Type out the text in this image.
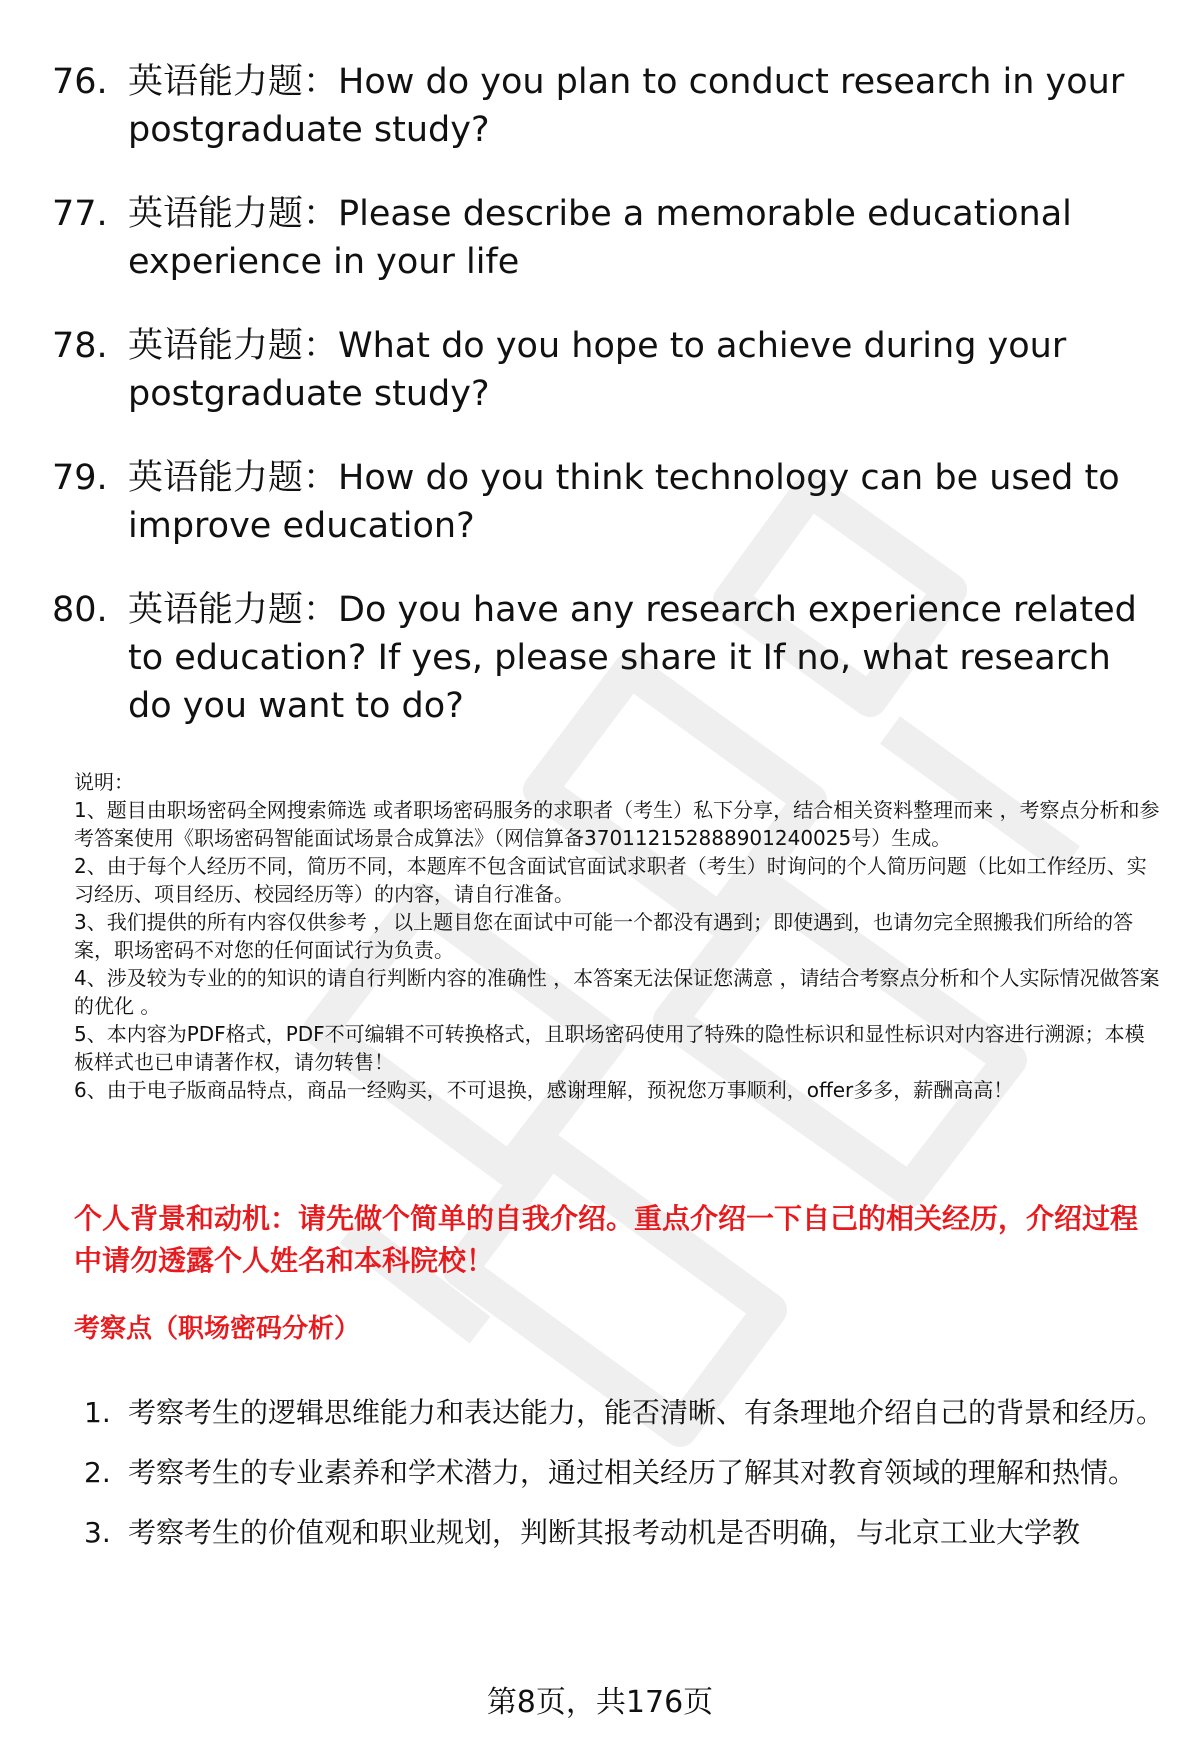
76. 英语能力题：How do you plan to conduct research in your postgraduate study?
77. 英语能力题：Please describe a memorable educational experience in your life
78. 英语能力题：What do you hope to achieve during your postgraduate study?
79. 英语能力题：How do you think technology can be used to improve education?
80. 英语能力题：Do you have any research experience related to education? If yes, please share it If no, what research do you want to do?

说明：

1、题目由职场密码全网搜索筛选 或者职场密码服务的求职者（考生）私下分享，结合相关资料整理而来 ，考察点分析和参考答案使用《职场密码智能面试场景合成算法》（网信算备370112152888901240025号）生成。

2、由于每个人经历不同，简历不同，本题库不包含面试官面试求职者（考生）时询问的个人简历问题（比如工作经历、实习经历、项目经历、校园经历等）的内容，请自行准备。

3、我们提供的所有内容仅供参考 ，以上题目您在面试中可能一个都没有遇到；即使遇到，也请勿完全照搬我们所给的答案，职场密码不对您的任何面试行为负责。

4、涉及较为专业的的知识的请自行判断内容的准确性 ，本答案无法保证您满意 ，请结合考察点分析和个人实际情况做答案的优化 。

5、本内容为PDF格式，PDF不可编辑不可转换格式，且职场密码使用了特殊的隐性标识和显性标识对内容进行溯源；本模板样式也已申请著作权，请勿转售！

6、由于电子版商品特点，商品一经购买，不可退换，感谢理解，预祝您万事顺利，offer多多，薪酬高高！

个人背景和动机：请先做个简单的自我介绍。重点介绍一下自己的相关经历，介绍过程中请勿透露个人姓名和本科院校！
考察点（职场密码分析）
1. 考察考生的逻辑思维能力和表达能力，能否清晰、有条理地介绍自己的背景和经历。
2. 考察考生的专业素养和学术潜力，通过相关经历了解其对教育领域的理解和热情。
3. 考察考生的价值观和职业规划，判断其报考动机是否明确，与北京工业大学教
第8页，共176页
